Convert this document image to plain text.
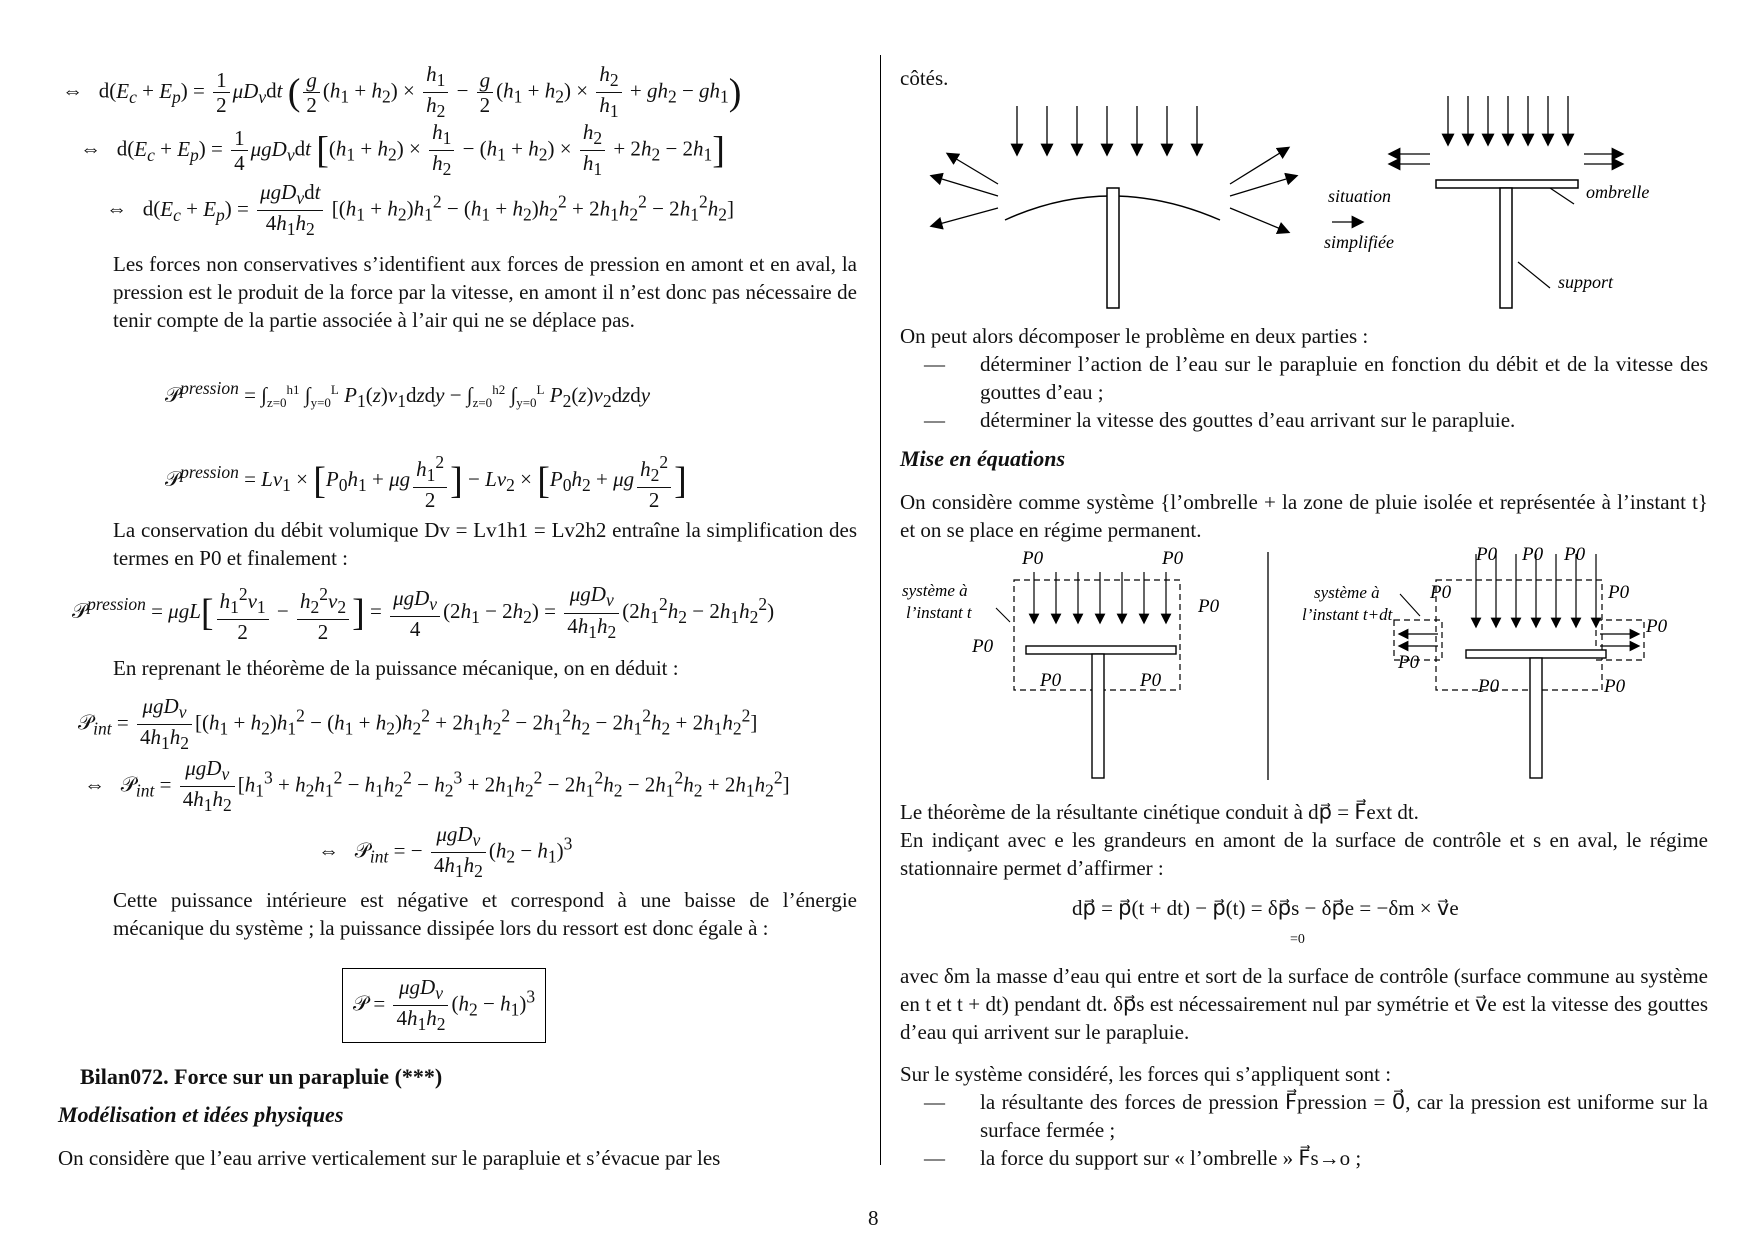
⇔   $d(E_c + E_p) = \frac{1}{2} \mu D_vdt$ ( $\frac{g}{2} (h_1 + h_2) \times \frac{h_1}{h_2} - \frac{g}{2} (h_1 + h_2) \times \frac{h_2}{h_1} + gh_2 - gh_1$)
⇔   $d(E_c + E_p) = \frac{1}{4} \mu gD_vdt$ $[(h_1 + h_2) \times \frac{h_1}{h_2} - (h_1 + h_2) \times \frac{h_2}{h_1} + 2h_2 - 2h_1]$
⇔   $d(E_c + E_p) = \frac{\mu gD_vdt}{4h_1h_2} [(h_1 + h_2)h_1^2 - (h_1 + h_2)h_2^2 + 2h_1h_2^2 - 2h_1^2h_2]$
Les forces non conservatives s’identifient aux forces de pression en amont et en aval, la pression est le produit de la force par la vitesse, en amont il n’est donc pas nécessaire de tenir compte de la partie associée à l’air qui ne se déplace pas.
𝒫$^{pression}$ = $\int_{z=0}^{h1}$ $\int_{y=0}^L$ $P_1(z)v_1dzdy - \int_{z=0}^{h2}$ $\int_{y=0}^L$ $P_2(z)v_2dzdy$
𝒫$^{pression}$ = $Lv_1 \times [P_0h_1 + \mu g \frac{h_1^2}{2}$ ] − $Lv_2 \times [P_0h_2 + \mu g \frac{h_2^2}{2}$ ]
La conservation du débit volumique Dv = Lv1h1 = Lv2h2 entraîne la simplification des termes en P0 et finalement :
𝒫$^{pression}$ = $\mu gL[ \frac{h_1^2v_1}{2} - \frac{h_2^2v_2}{2}$ ] = $\frac{\mu gD_v}{4} (2h_1 - 2h_2) = \frac{\mu gD_v}{4h_1h_2} (2h_1^2h_2 - 2h_1h_2^2)$
En reprenant le théorème de la puissance mécanique, on en déduit :
𝒫$_{int}$ = $\frac{\mu gD_v}{4h_1h_2} [(h_1 + h_2)h_1^2 - (h_1 + h_2)h_2^2 + 2h_1h_2^2 - 2h_1^2h_2 - 2h_1^2h_2 + 2h_1h_2^2]$
⇔   𝒫$_{int}$ = $\frac{\mu gD_v}{4h_1h_2} [h_1^3 + h_2h_1^2 - h_1h_2^2 - h_2^3 + 2h_1h_2^2 - 2h_1^2h_2 - 2h_1^2h_2 + 2h_1h_2^2]$
⇔   𝒫$_{int}$ = − $\frac{\mu gD_v}{4h_1h_2} (h_2 - h_1)^3$
Cette puissance intérieure est négative et correspond à une baisse de l’énergie mécanique du système ; la puissance dissipée lors du ressort est donc égale à :
𝒫 = $\frac{\mu gD_v}{4h_1h_2} (h_2 - h_1)^3$
Bilan072. Force sur un parapluie (***)
Modélisation et idées physiques
On considère que l’eau arrive verticalement sur le parapluie et s’évacue par les
côtés.
situation
simplifiée
ombrelle
support
On peut alors décomposer le problème en deux parties :
— déterminer l’action de l’eau sur le parapluie en fonction du débit et de la vitesse des gouttes d’eau ;
— déterminer la vitesse des gouttes d’eau arrivant sur le parapluie.
Mise en équations
On considère comme système {l’ombrelle + la zone de pluie isolée et représentée à l’instant t} et on se place en régime permanent.
système à
l’instant t
P0	P0
P0
P0
P0	P0
système à
l’instant t+dt
P0 P0 P0
P0	P0
P0
P0
P0	P0
Le théorème de la résultante cinétique conduit à dp⃗ = F⃗ext dt.
En indiçant avec e les grandeurs en amont de la surface de contrôle et s en aval, le régime stationnaire permet d’affirmer :
dp⃗ = p⃗(t + dt) − p⃗(t) = δp⃗s − δp⃗e = −δm × v⃗e
=0
avec δm la masse d’eau qui entre et sort de la surface de contrôle (surface commune au système en t et t + dt) pendant dt. δp⃗s est nécessairement nul par symétrie et v⃗e est la vitesse des gouttes d’eau qui arrivent sur le parapluie.
Sur le système considéré, les forces qui s’appliquent sont :
— la résultante des forces de pression F⃗pression = 0⃗, car la pression est uniforme sur la surface fermée ;
— la force du support sur « l’ombrelle » F⃗s→o ;
8
